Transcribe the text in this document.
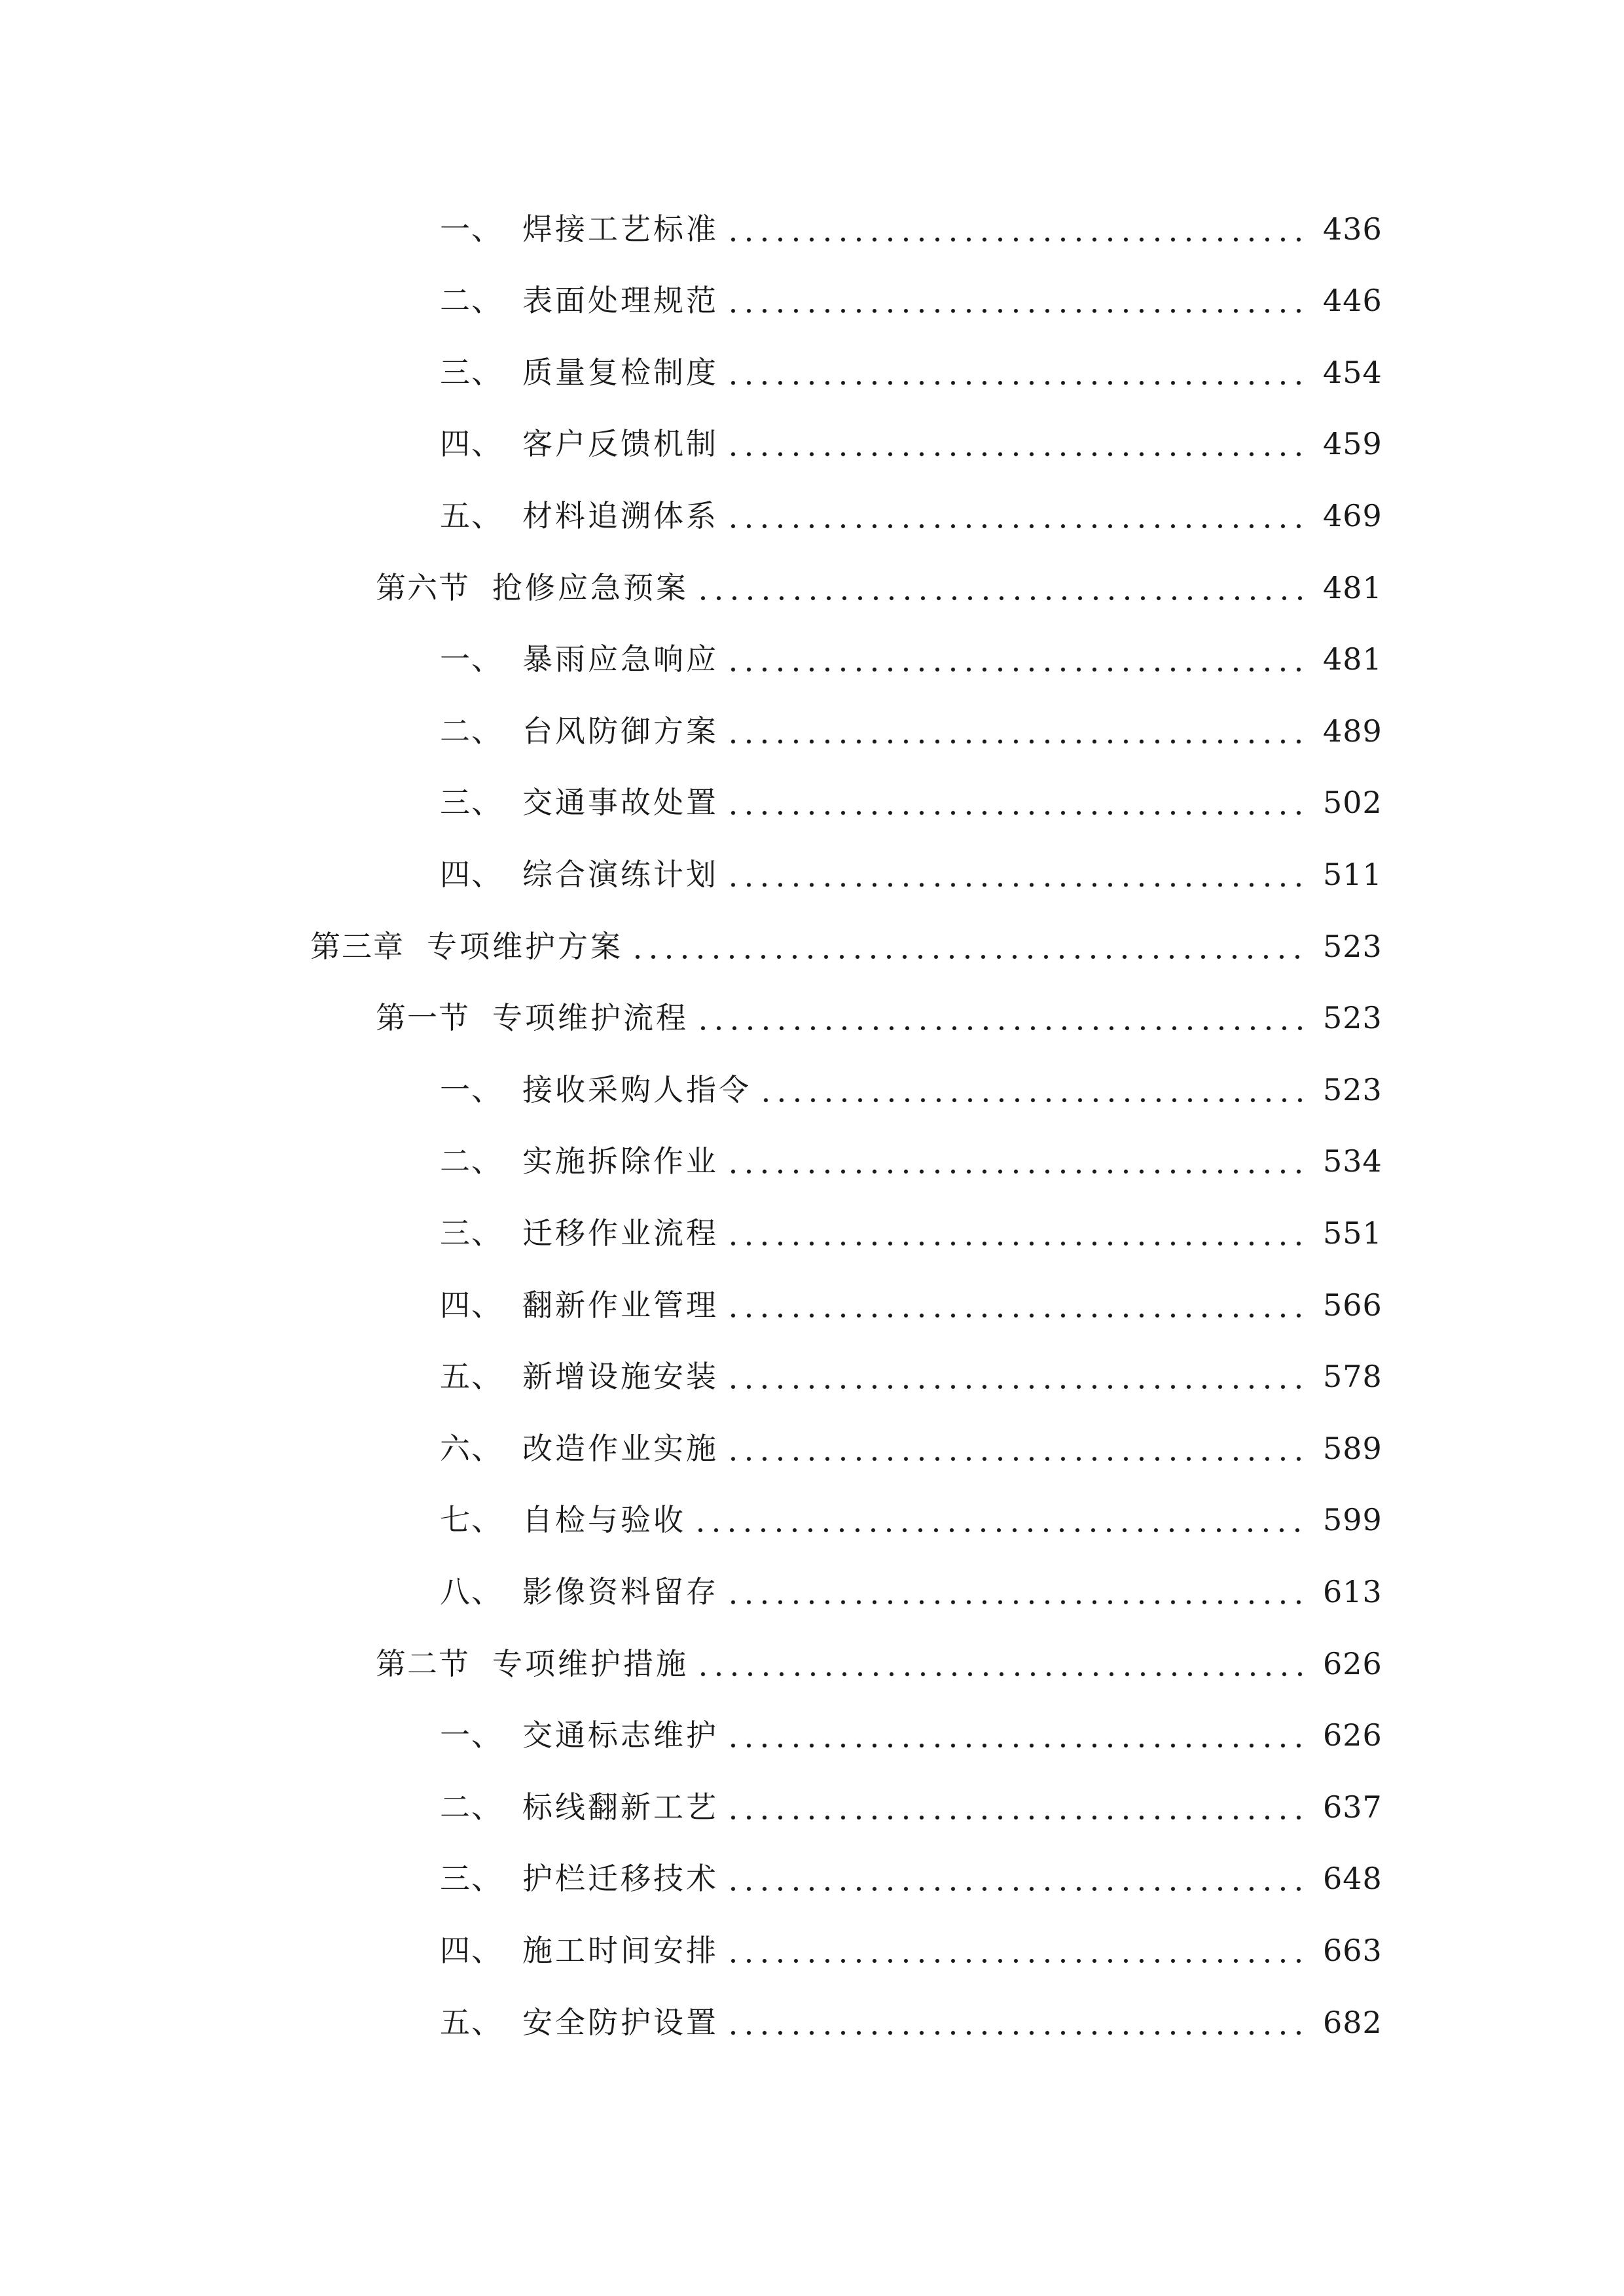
一、 焊接工艺标准	436
二、 表面处理规范	446
三、 质量复检制度	454
四、 客户反馈机制	459
五、 材料追溯体系	469
第六节 抢修应急预案	481
一、 暴雨应急响应	481
二、 台风防御方案	489
三、 交通事故处置	502
四、 综合演练计划	511
第三章 专项维护方案	523
第一节 专项维护流程	523
一、 接收采购人指令	523
二、 实施拆除作业	534
三、 迁移作业流程	551
四、 翻新作业管理	566
五、 新增设施安装	578
六、 改造作业实施	589
七、 自检与验收	599
八、 影像资料留存	613
第二节 专项维护措施	626
一、 交通标志维护	626
二、 标线翻新工艺	637
三、 护栏迁移技术	648
四、 施工时间安排	663
五、 安全防护设置	682
